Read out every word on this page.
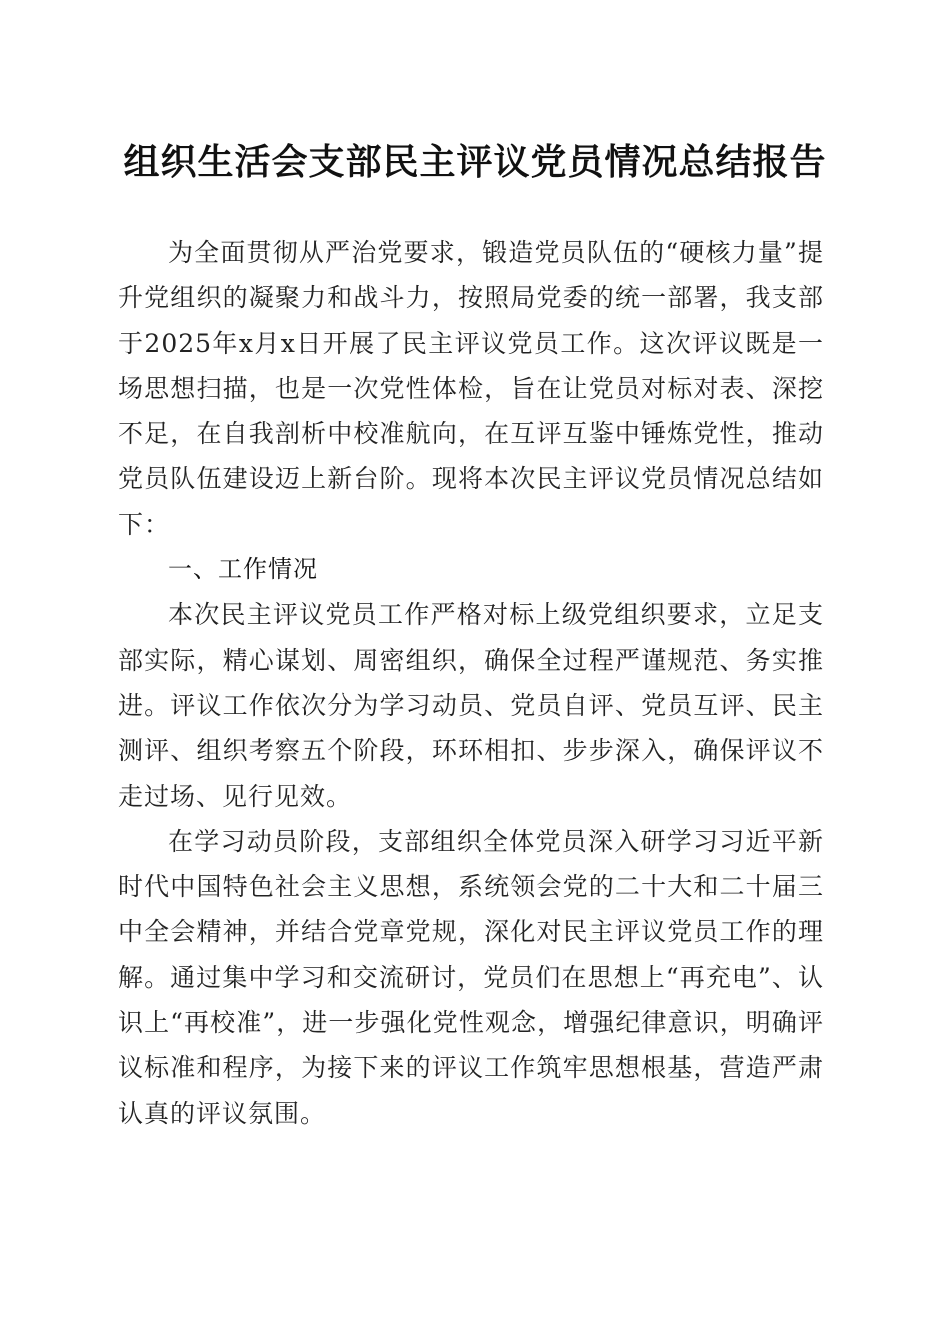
组织生活会支部民主评议党员情况总结报告

为全面贯彻从严治党要求，锻造党员队伍的“硬核力量”提升党组织的凝聚力和战斗力，按照局党委的统一部署，我支部于2025年x月x日开展了民主评议党员工作。这次评议既是一场思想扫描，也是一次党性体检，旨在让党员对标对表、深挖不足，在自我剖析中校准航向，在互评互鉴中锤炼党性，推动党员队伍建设迈上新台阶。现将本次民主评议党员情况总结如下：

一、工作情况

本次民主评议党员工作严格对标上级党组织要求，立足支部实际，精心谋划、周密组织，确保全过程严谨规范、务实推进。评议工作依次分为学习动员、党员自评、党员互评、民主测评、组织考察五个阶段，环环相扣、步步深入，确保评议不走过场、见行见效。

在学习动员阶段，支部组织全体党员深入研学习习近平新时代中国特色社会主义思想，系统领会党的二十大和二十届三中全会精神，并结合党章党规，深化对民主评议党员工作的理解。通过集中学习和交流研讨，党员们在思想上“再充电”、认识上“再校准”，进一步强化党性观念，增强纪律意识，明确评议标准和程序，为接下来的评议工作筑牢思想根基，营造严肃认真的评议氛围。
